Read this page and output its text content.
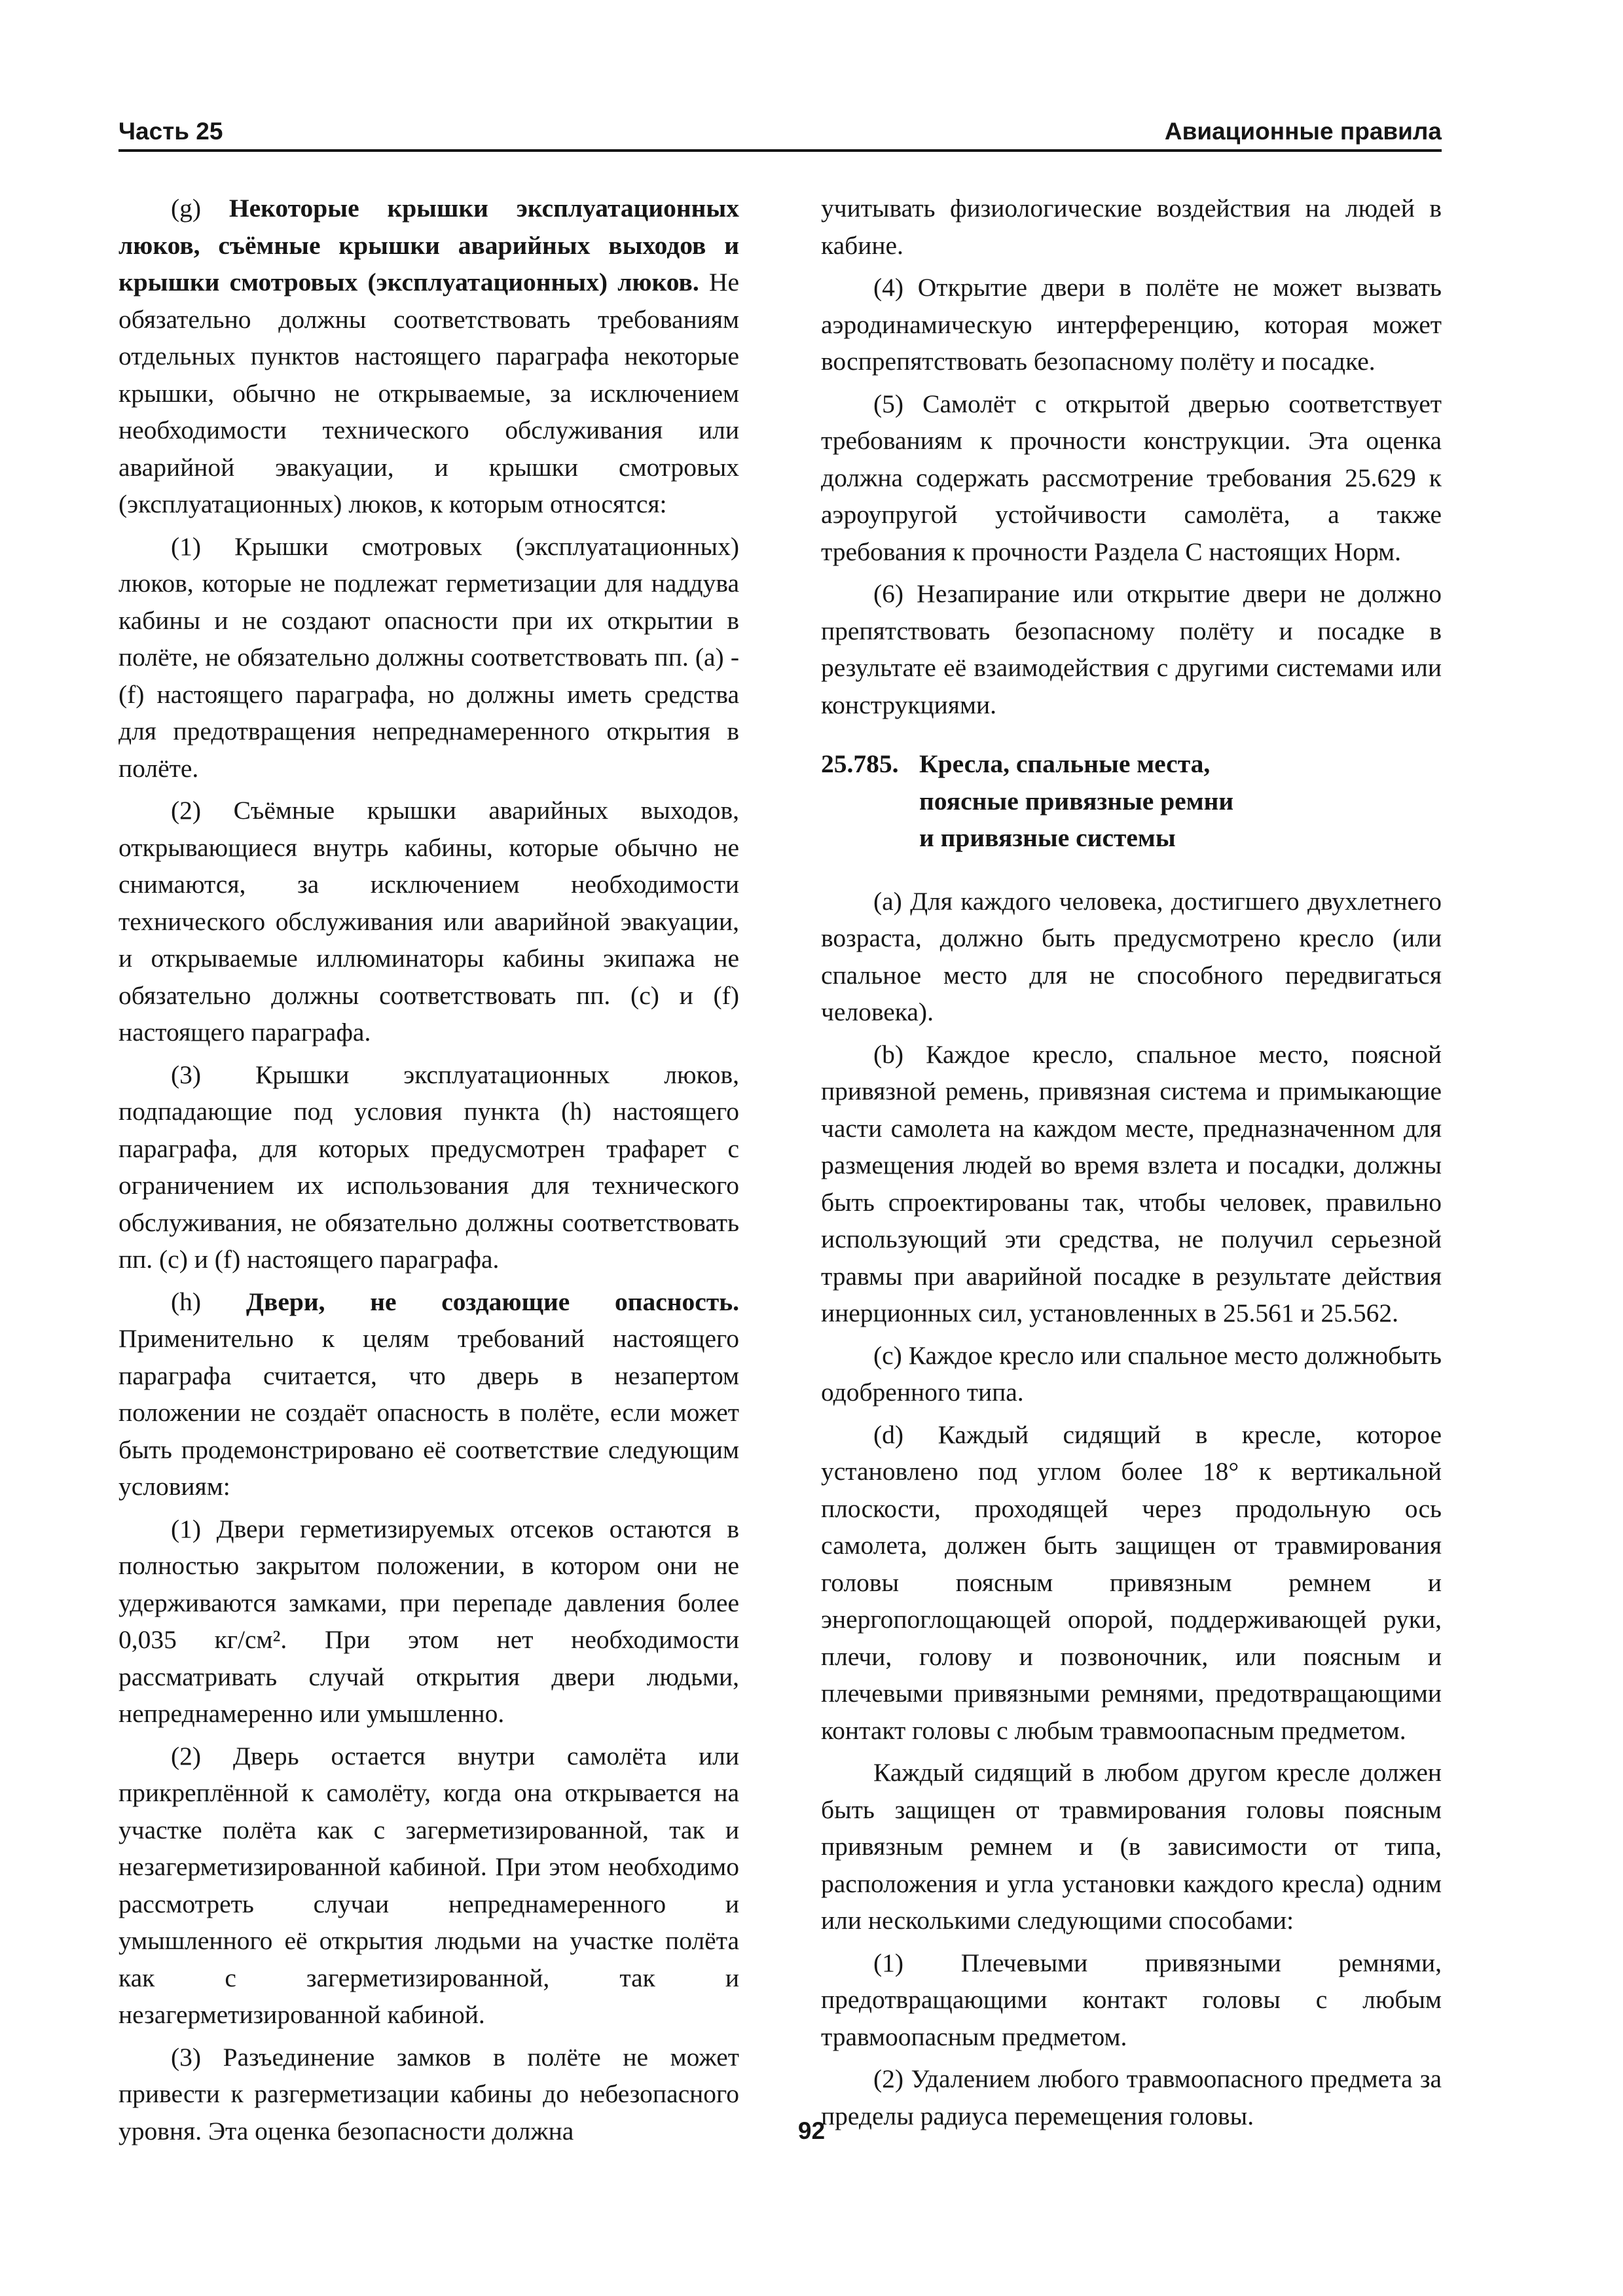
Часть 25	Авиационные правила

(g) Некоторые крышки эксплуатационных люков, съёмные крышки аварийных выходов и крышки смотровых (эксплуатационных) люков. Не обязательно должны соответствовать требованиям отдельных пунктов настоящего параграфа некоторые крышки, обычно не открываемые, за исключением необходимости технического обслуживания или аварийной эвакуации, и крышки смотровых (эксплуатационных) люков, к которым относятся:

(1) Крышки смотровых (эксплуатационных) люков, которые не подлежат герметизации для наддува кабины и не создают опасности при их открытии в полёте, не обязательно должны соответствовать пп. (a) - (f) настоящего параграфа, но должны иметь средства для предотвращения непреднамеренного открытия в полёте.

(2) Съёмные крышки аварийных выходов, открывающиеся внутрь кабины, которые обычно не снимаются, за исключением необходимости технического обслуживания или аварийной эвакуации, и открываемые иллюминаторы кабины экипажа не обязательно должны соответствовать пп. (c) и (f) настоящего параграфа.

(3) Крышки эксплуатационных люков, подпадающие под условия пункта (h) настоящего параграфа, для которых предусмотрен трафарет с ограничением их использования для технического обслуживания, не обязательно должны соответствовать пп. (c) и (f) настоящего параграфа.

(h) Двери, не создающие опасность. Применительно к целям требований настоящего параграфа считается, что дверь в незапертом положении не создаёт опасность в полёте, если может быть продемонстрировано её соответствие следующим условиям:

(1) Двери герметизируемых отсеков остаются в полностью закрытом положении, в котором они не удерживаются замками, при перепаде давления более 0,035 кг/см². При этом нет необходимости рассматривать случай открытия двери людьми, непреднамеренно или умышленно.

(2) Дверь остается внутри самолёта или прикреплённой к самолёту, когда она открывается на участке полёта как с загерметизированной, так и незагерметизированной кабиной. При этом необходимо рассмотреть случаи непреднамеренного и умышленного её открытия людьми на участке полёта как с загерметизированной, так и незагерметизированной кабиной.

(3) Разъединение замков в полёте не может привести к разгерметизации кабины до небезопасного уровня. Эта оценка безопасности должна

учитывать физиологические воздействия на людей в кабине.

(4) Открытие двери в полёте не может вызвать аэродинамическую интерференцию, которая может воспрепятствовать безопасному полёту и посадке.

(5) Самолёт с открытой дверью соответствует требованиям к прочности конструкции. Эта оценка должна содержать рассмотрение требования 25.629 к аэроупругой устойчивости самолёта, а также требования к прочности Раздела С настоящих Норм.

(6) Незапирание или открытие двери не должно препятствовать безопасному полёту и посадке в результате её взаимодействия с другими системами или конструкциями.

25.785. Кресла, спальные места,
поясные привязные ремни
и привязные системы

(a) Для каждого человека, достигшего двухлетнего возраста, должно быть предусмотрено кресло (или спальное место для не способного передвигаться человека).

(b) Каждое кресло, спальное место, поясной привязной ремень, привязная система и примыкающие части самолета на каждом месте, предназначенном для размещения людей во время взлета и посадки, должны быть спроектированы так, чтобы человек, правильно использующий эти средства, не получил серьезной травмы при аварийной посадке в результате действия инерционных сил, установленных в 25.561 и 25.562.

(c) Каждое кресло или спальное место должнобыть одобренного типа.

(d) Каждый сидящий в кресле, которое установлено под углом более 18° к вертикальной плоскости, проходящей через продольную ось самолета, должен быть защищен от травмирования головы поясным привязным ремнем и энергопоглощающей опорой, поддерживающей руки, плечи, голову и позвоночник, или поясным и плечевыми привязными ремнями, предотвращающими контакт головы с любым травмоопасным предметом.

Каждый сидящий в любом другом кресле должен быть защищен от травмирования головы поясным привязным ремнем и (в зависимости от типа, расположения и угла установки каждого кресла) одним или несколькими следующими способами:

(1) Плечевыми привязными ремнями, предотвращающими контакт головы с любым травмоопасным предметом.

(2) Удалением любого травмоопасного предмета за пределы радиуса перемещения головы.

92
